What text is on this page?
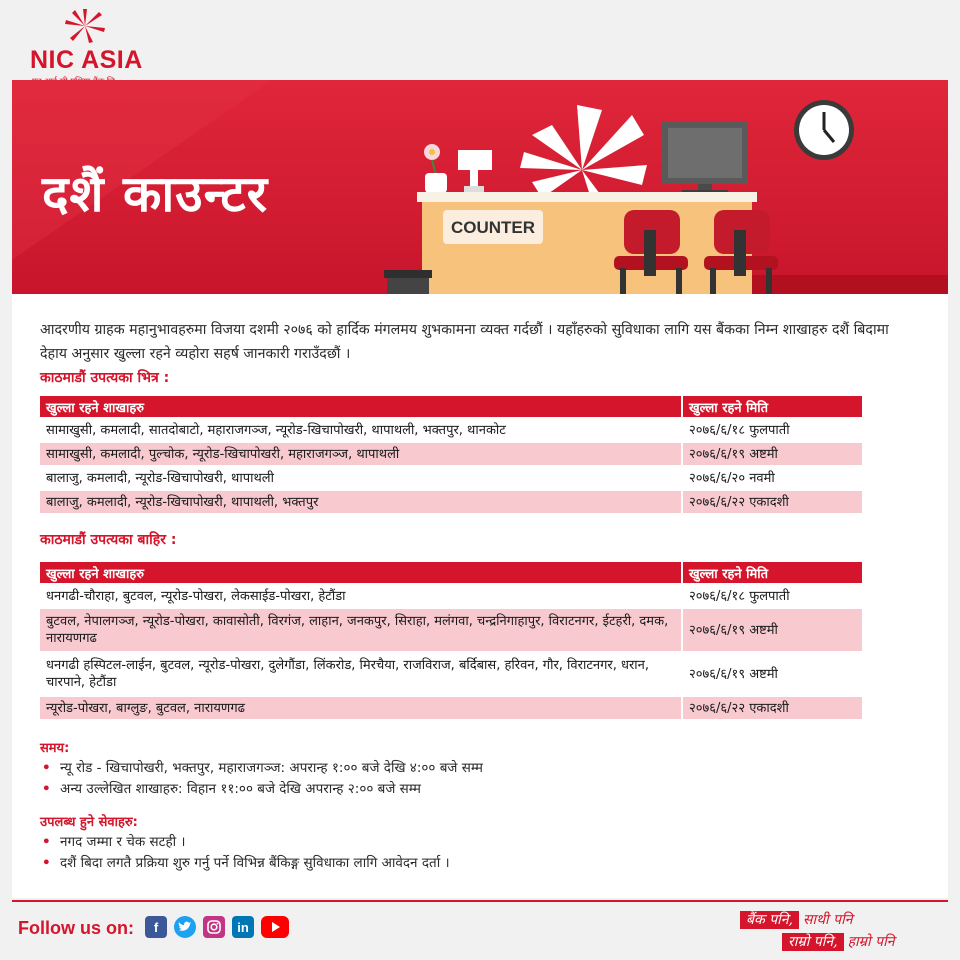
NIC ASIA
COUNTER
दशैं काउन्टर
आदरणीय ग्राहक महानुभावहरुमा विजया दशमी २०७६ को हार्दिक मंगलमय शुभकामना व्यक्त गर्दछौं । यहाँहरुको सुविधाका लागि यस बैंकका निम्न शाखाहरु दशैं बिदामा देहाय अनुसार खुल्ला रहने व्यहोरा सहर्ष जानकारी गराउँदछौं ।
काठमाडौं उपत्यका भित्र :
खुल्ला रहने शाखाहरु	खुल्ला रहने मिति
सामाखुसी, कमलादी, सातदोबाटो, महाराजगञ्ज, न्यूरोड-खिचापोखरी, थापाथली, भक्तपुर, थानकोट	२०७६/६/१८ फुलपाती
सामाखुसी, कमलादी, पुल्चोक, न्यूरोड-खिचापोखरी, महाराजगञ्ज, थापाथली	२०७६/६/१९ अष्टमी
बालाजु, कमलादी, न्यूरोड-खिचापोखरी, थापाथली	२०७६/६/२० नवमी
बालाजु, कमलादी, न्यूरोड-खिचापोखरी, थापाथली, भक्तपुर	२०७६/६/२२ एकादशी
काठमाडौं उपत्यका बाहिर :
खुल्ला रहने शाखाहरु	खुल्ला रहने मिति
धनगढी-चौराहा, बुटवल, न्यूरोड-पोखरा, लेकसाईड-पोखरा, हेटौंडा	२०७६/६/१८ फुलपाती
बुटवल, नेपालगञ्ज, न्यूरोड-पोखरा, कावासोती, विरगंज, लाहान, जनकपुर, सिराहा, मलंगवा, चन्द्रनिगाहापुर, विराटनगर, ईटहरी, दमक, नारायणगढ	२०७६/६/१९ अष्टमी
धनगढी हस्पिटल-लाईन, बुटवल, न्यूरोड-पोखरा, दुलेगौंडा, लिंकरोड, मिरचैया, राजविराज, बर्दिबास, हरिवन, गौर, विराटनगर, धरान, चारपाने, हेटौंडा	२०७६/६/१९ अष्टमी
न्यूरोड-पोखरा, बाग्लुङ, बुटवल, नारायणगढ	२०७६/६/२२ एकादशी
समय:
• न्यू रोड - खिचापोखरी, भक्तपुर, महाराजगञ्ज: अपरान्ह १:०० बजे देखि ४:०० बजे सम्म
• अन्य उल्लेखित शाखाहरु: विहान ११:०० बजे देखि अपरान्ह २:०० बजे सम्म
उपलब्ध हुने सेवाहरु:
• नगद जम्मा र चेक सटही ।
• दशैं बिदा लगतै प्रक्रिया शुरु गर्नु पर्ने विभिन्न बैंकिङ्ग सुविधाका लागि आवेदन दर्ता ।
Follow us on:	f	in	बैंक पनि, साथी पनि
राम्रो पनि, हाम्रो पनि
